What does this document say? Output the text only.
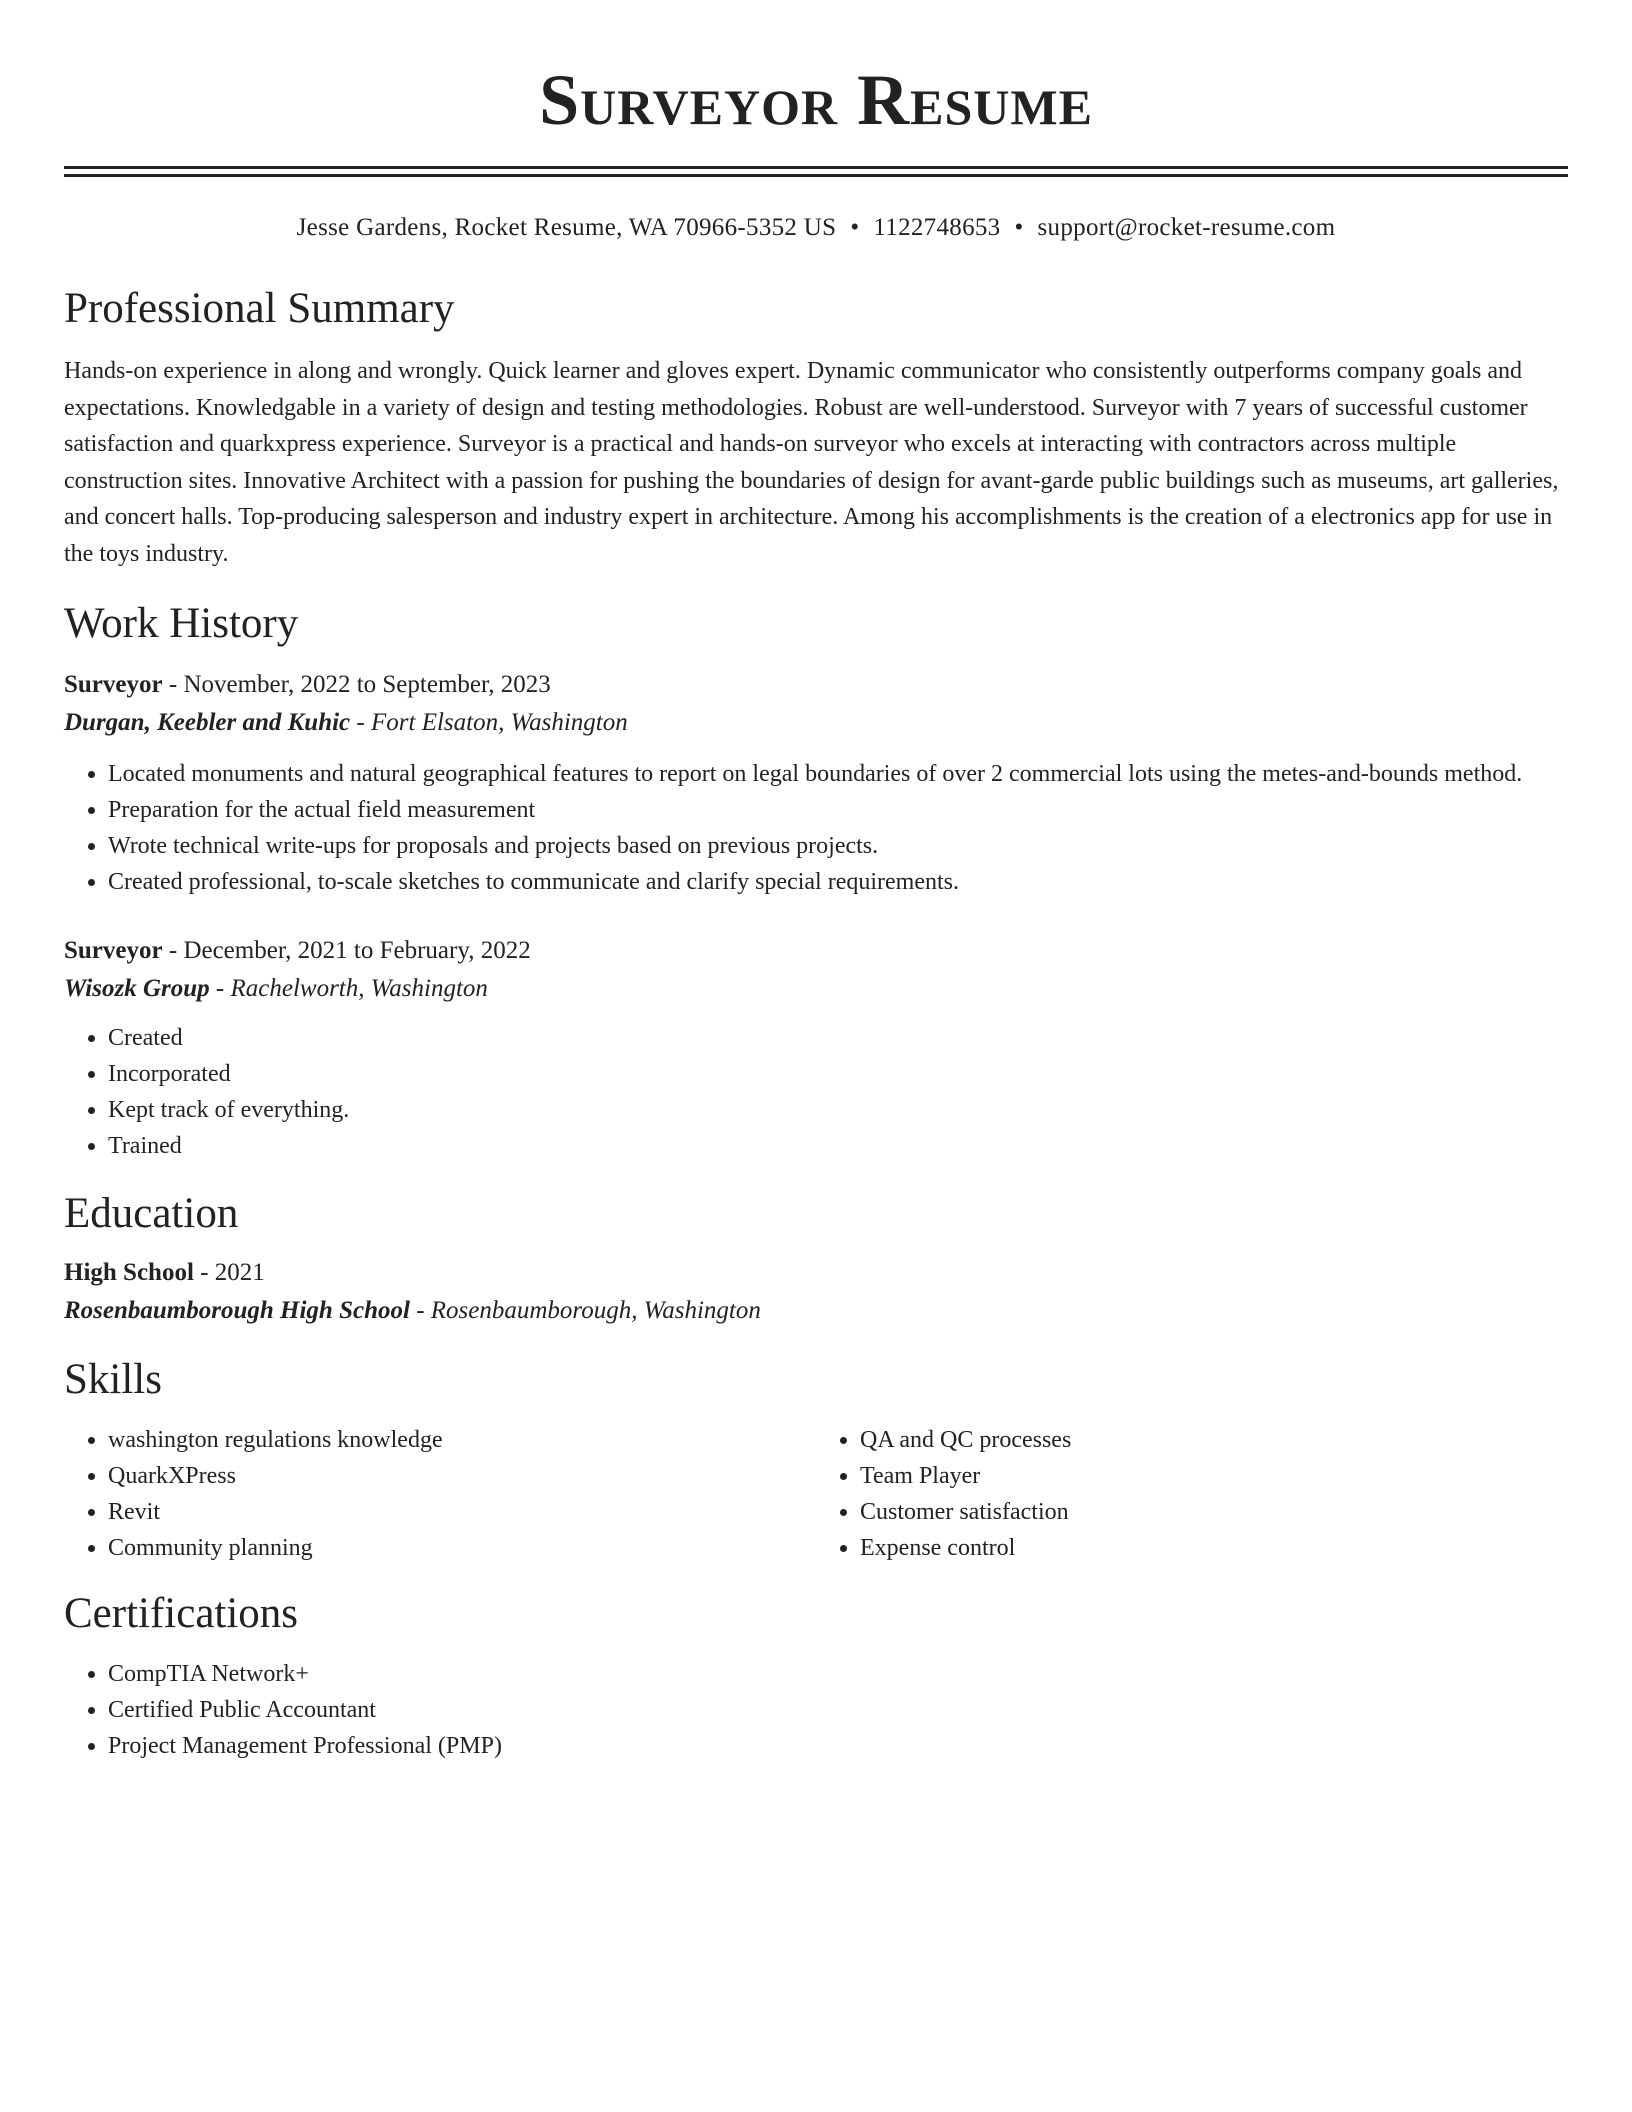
Surveyor Resume
Jesse Gardens, Rocket Resume, WA 70966-5352 US • 1122748653 • support@rocket-resume.com
Professional Summary

Hands-on experience in along and wrongly. Quick learner and gloves expert. Dynamic communicator who consistently outperforms company goals and expectations. Knowledgable in a variety of design and testing methodologies. Robust are well-understood. Surveyor with 7 years of successful customer satisfaction and quarkxpress experience. Surveyor is a practical and hands-on surveyor who excels at interacting with contractors across multiple construction sites. Innovative Architect with a passion for pushing the boundaries of design for avant-garde public buildings such as museums, art galleries, and concert halls. Top-producing salesperson and industry expert in architecture. Among his accomplishments is the creation of a electronics app for use in the toys industry.

Work History
Surveyor - November, 2022 to September, 2023
Durgan, Keebler and Kuhic - Fort Elsaton, Washington
• Located monuments and natural geographical features to report on legal boundaries of over 2 commercial lots using the metes-and-bounds method.
• Preparation for the actual field measurement
• Wrote technical write-ups for proposals and projects based on previous projects.
• Created professional, to-scale sketches to communicate and clarify special requirements.
Surveyor - December, 2021 to February, 2022
Wisozk Group - Rachelworth, Washington
• Created
• Incorporated
• Kept track of everything.
• Trained
Education
High School - 2021
Rosenbaumborough High School - Rosenbaumborough, Washington
Skills
• washington regulations knowledge
• QuarkXPress
• Revit
• Community planning
• QA and QC processes
• Team Player
• Customer satisfaction
• Expense control
Certifications
• CompTIA Network+
• Certified Public Accountant
• Project Management Professional (PMP)
